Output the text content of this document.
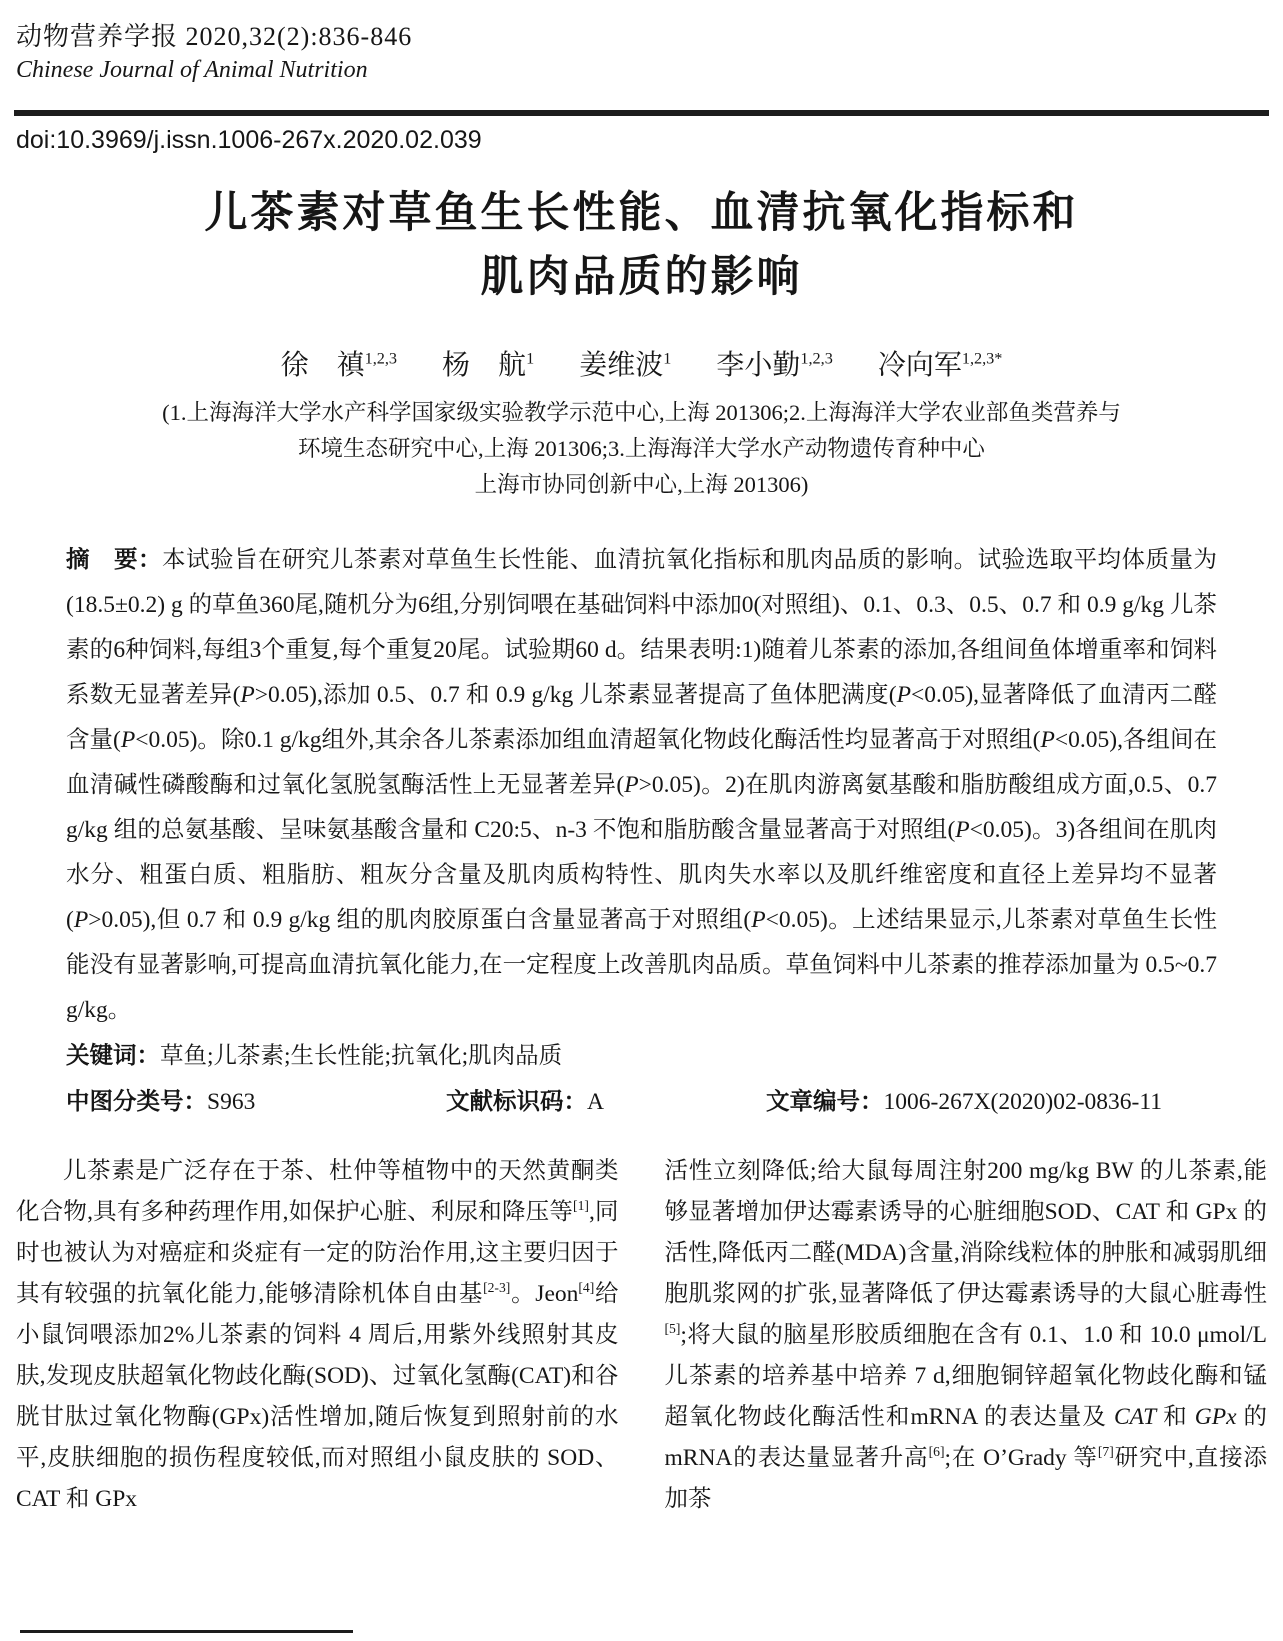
动物营养学报 2020,32(2):836-846
Chinese Journal of Animal Nutrition
doi:10.3969/j.issn.1006-267x.2020.02.039
儿茶素对草鱼生长性能、血清抗氧化指标和
肌肉品质的影响
徐　禛$^{1,2,3}$ 杨　航$^1$ 姜维波$^1$ 李小勤$^{1,2,3}$ 冷向军$^{1,2,3*}$
(1.上海海洋大学水产科学国家级实验教学示范中心,上海 201306;2.上海海洋大学农业部鱼类营养与
环境生态研究中心,上海 201306;3.上海海洋大学水产动物遗传育种中心
上海市协同创新中心,上海 201306)
摘　要：本试验旨在研究儿茶素对草鱼生长性能、血清抗氧化指标和肌肉品质的影响。试验选取平均体质量为(18.5±0.2) g 的草鱼360尾,随机分为6组,分别饲喂在基础饲料中添加0(对照组)、0.1、0.3、0.5、0.7 和 0.9 g/kg 儿茶素的6种饲料,每组3个重复,每个重复20尾。试验期60 d。结果表明:1)随着儿茶素的添加,各组间鱼体增重率和饲料系数无显著差异(P>0.05),添加 0.5、0.7 和 0.9 g/kg 儿茶素显著提高了鱼体肥满度(P<0.05),显著降低了血清丙二醛含量(P<0.05)。除0.1 g/kg组外,其余各儿茶素添加组血清超氧化物歧化酶活性均显著高于对照组(P<0.05),各组间在血清碱性磷酸酶和过氧化氢脱氢酶活性上无显著差异(P>0.05)。2)在肌肉游离氨基酸和脂肪酸组成方面,0.5、0.7 g/kg 组的总氨基酸、呈味氨基酸含量和 C20:5、n-3 不饱和脂肪酸含量显著高于对照组(P<0.05)。3)各组间在肌肉水分、粗蛋白质、粗脂肪、粗灰分含量及肌肉质构特性、肌肉失水率以及肌纤维密度和直径上差异均不显著(P>0.05),但 0.7 和 0.9 g/kg 组的肌肉胶原蛋白含量显著高于对照组(P<0.05)。上述结果显示,儿茶素对草鱼生长性能没有显著影响,可提高血清抗氧化能力,在一定程度上改善肌肉品质。草鱼饲料中儿茶素的推荐添加量为 0.5~0.7 g/kg。
关键词：草鱼;儿茶素;生长性能;抗氧化;肌肉品质
中图分类号：S963	文献标识码：A	文章编号：1006-267X(2020)02-0836-11

儿茶素是广泛存在于茶、杜仲等植物中的天然黄酮类化合物,具有多种药理作用,如保护心脏、利尿和降压等[1],同时也被认为对癌症和炎症有一定的防治作用,这主要归因于其有较强的抗氧化能力,能够清除机体自由基[2-3]。Jeon[4]给小鼠饲喂添加2%儿茶素的饲料 4 周后,用紫外线照射其皮肤,发现皮肤超氧化物歧化酶(SOD)、过氧化氢酶(CAT)和谷胱甘肽过氧化物酶(GPx)活性增加,随后恢复到照射前的水平,皮肤细胞的损伤程度较低,而对照组小鼠皮肤的 SOD、CAT 和 GPx

活性立刻降低;给大鼠每周注射200 mg/kg BW 的儿茶素,能够显著增加伊达霉素诱导的心脏细胞SOD、CAT 和 GPx 的活性,降低丙二醛(MDA)含量,消除线粒体的肿胀和减弱肌细胞肌浆网的扩张,显著降低了伊达霉素诱导的大鼠心脏毒性[5];将大鼠的脑星形胶质细胞在含有 0.1、1.0 和 10.0 μmol/L儿茶素的培养基中培养 7 d,细胞铜锌超氧化物歧化酶和锰超氧化物歧化酶活性和mRNA 的表达量及 CAT 和 GPx 的mRNA的表达量显著升高[6];在 O’Grady 等[7]研究中,直接添加茶
